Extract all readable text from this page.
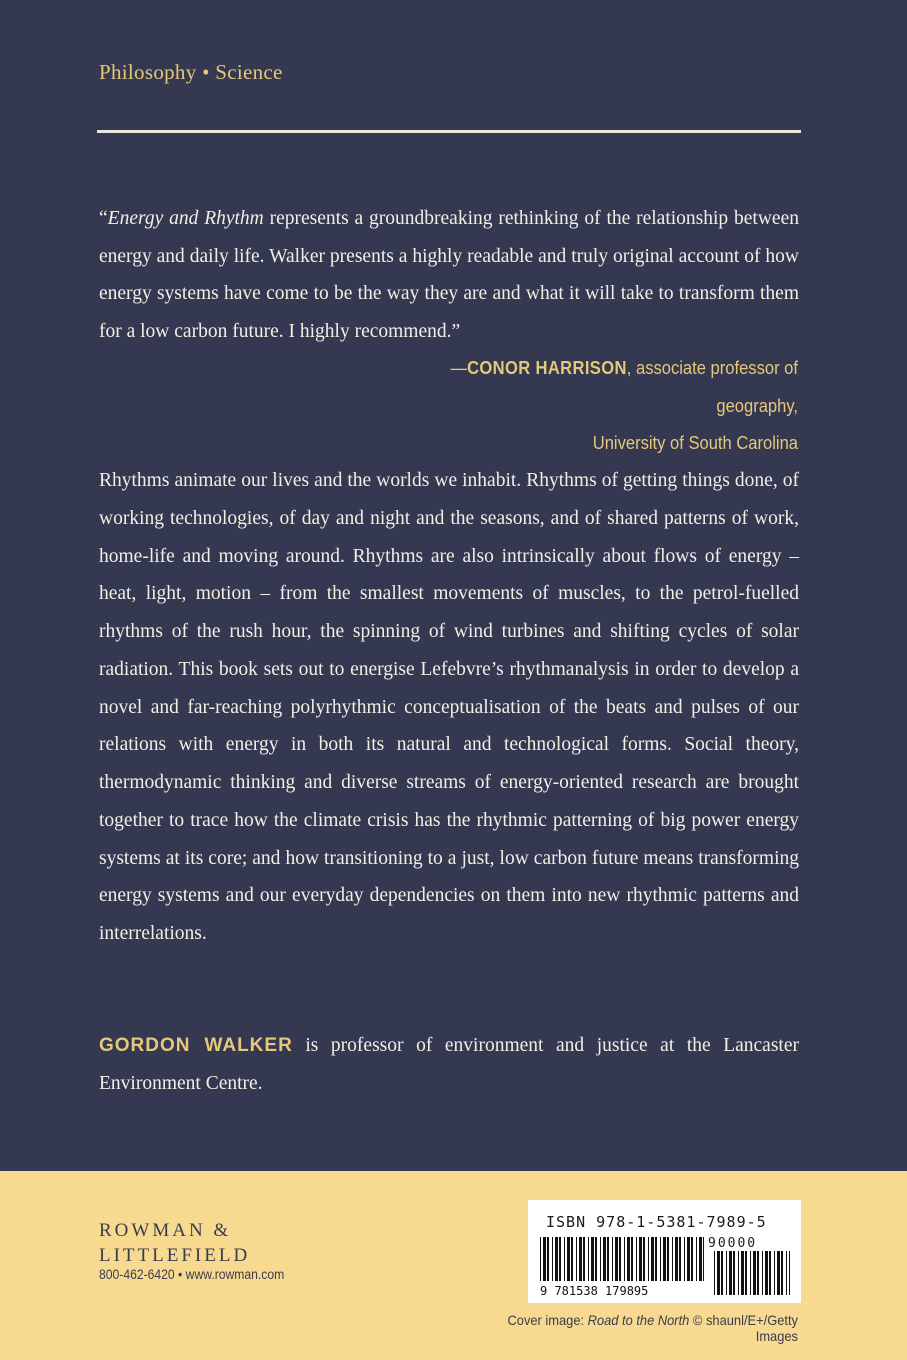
Philosophy • Science
“Energy and Rhythm represents a groundbreaking rethinking of the relationship between energy and daily life. Walker presents a highly readable and truly original account of how energy systems have come to be the way they are and what it will take to transform them for a low carbon future. I highly recommend.”
—CONOR HARRISON, associate professor of geography,
University of South Carolina
Rhythms animate our lives and the worlds we inhabit. Rhythms of getting things done, of working technologies, of day and night and the seasons, and of shared patterns of work, home-life and moving around. Rhythms are also intrinsically about flows of energy – heat, light, motion – from the smallest movements of muscles, to the petrol-fuelled rhythms of the rush hour, the spinning of wind turbines and shifting cycles of solar radiation. This book sets out to energise Lefebvre’s rhythmanalysis in order to develop a novel and far-reaching polyrhythmic conceptualisation of the beats and pulses of our relations with energy in both its natural and technological forms. Social theory, thermodynamic thinking and diverse streams of energy-oriented research are brought together to trace how the climate crisis has the rhythmic patterning of big power energy systems at its core; and how transitioning to a just, low carbon future means transforming energy systems and our everyday dependencies on them into new rhythmic patterns and interrelations.
GORDON WALKER is professor of environment and justice at the Lancaster Environment Centre.
ROWMAN &
LITTLEFIELD
800-462-6420 • www.rowman.com
ISBN 978-1-5381-7989-5
90000
9 781538 179895
Cover image: Road to the North © shaunl/E+/Getty Images
